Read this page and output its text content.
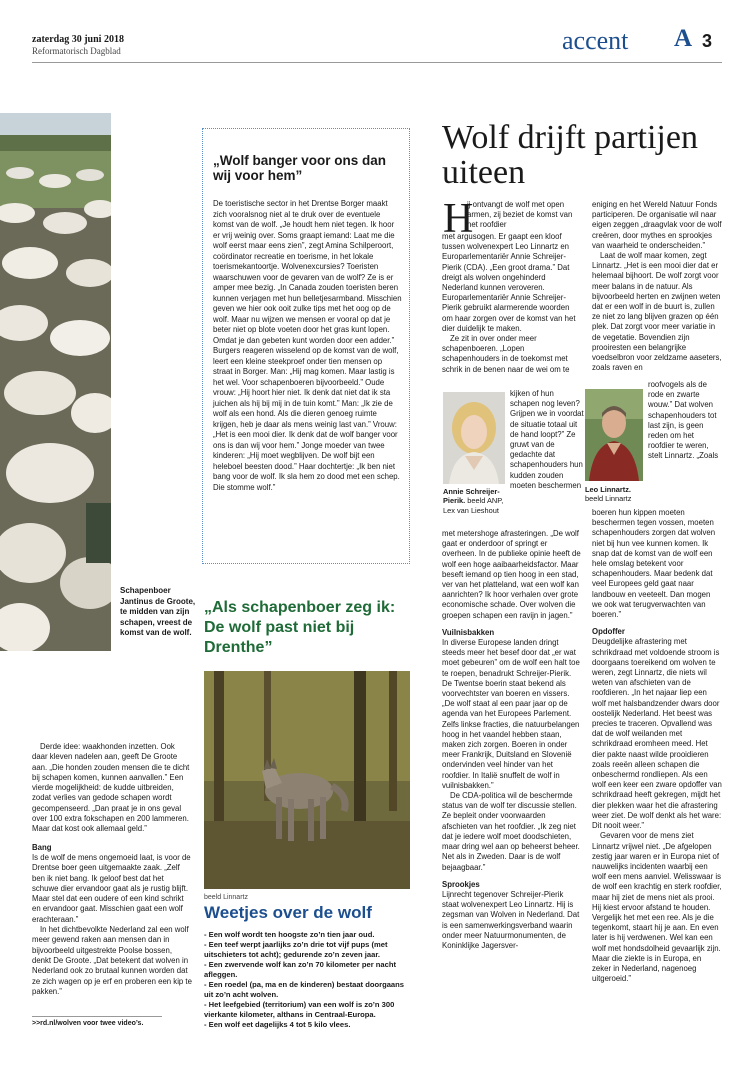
zaterdag 30 juni 2018
Reformatorisch Dagblad	accent A 3
Schapenboer Jantinus de Groote, te midden van zijn schapen, vreest de komst van de wolf.
„Wolf banger voor ons dan wij voor hem”
De toeristische sector in het Drentse Borger maakt zich vooralsnog niet al te druk over de eventuele komst van de wolf. „Je houdt hem niet tegen. Ik hoor er vrij weinig over. Soms graapt iemand: Laat me die wolf eerst maar eens zien”, zegt Amina Schilperoort, coördinator recreatie en toerisme, in het lokale toerismekantoortje. Wolvenexcursies? Toeristen waarschuwen voor de gevaren van de wolf? Ze is er amper mee bezig. „In Canada zouden toeristen beren kunnen verjagen met hun belletjesarmband. Misschien geven we hier ook ooit zulke tips met het oog op de wolf. Maar nu wijzen we mensen er vooral op dat je beter niet op blote voeten door het gras kunt lopen. Omdat je dan gebeten kunt worden door een adder.” Burgers reageren wisselend op de komst van de wolf, leert een kleine steekproef onder tien mensen op straat in Borger. Man: „Hij mag komen. Maar lastig is het wel. Voor schapenboeren bijvoorbeeld.” Oude vrouw: „Hij hoort hier niet. Ik denk dat niet dat ik sta juichen als hij bij mij in de tuin komt.” Man: „Ik zie de wolf als een hond. Als die dieren genoeg ruimte krijgen, heb je daar als mens weinig last van.” Vrouw: „Het is een mooi dier. Ik denk dat de wolf banger voor ons is dan wij voor hem.” Jonge moeder van twee kinderen: „Hij moet wegblijven. De wolf bijt een heleboel beesten dood.” Haar dochtertje: „Ik ben niet bang voor de wolf. Ik sla hem zo dood met een schep. Die stomme wolf.”
„Als schapenboer zeg ik: De wolf past niet bij Drenthe”
beeld Linnartz
Weetjes over de wolf
- Een wolf wordt ten hoogste zo’n tien jaar oud.
- Een teef werpt jaarlijks zo’n drie tot vijf pups (met uitschieters tot acht); gedurende zo’n zeven jaar.
- Een zwervende wolf kan zo’n 70 kilometer per nacht afleggen.
- Een roedel (pa, ma en de kinderen) bestaat doorgaans uit zo’n acht wolven.
- Het leefgebied (territorium) van een wolf is zo’n 300 vierkante kilometer, althans in Centraal-Europa.
- Een wolf eet dagelijks 4 tot 5 kilo vlees.

Derde idee: waakhonden inzetten. Ook daar kleven nadelen aan, geeft De Groote aan. „Die honden zouden mensen die te dicht bij schapen komen, kunnen aanvallen.” Een vierde mogelijkheid: de kudde uitbreiden, zodat verlies van gedode schapen wordt gecompenseerd. „Dan praat je in ons geval over 100 extra fokschapen en 200 lammeren. Maar dat kost ook allemaal geld.”

Bang

Is de wolf de mens ongemoeid laat, is voor de Drentse boer geen uitgemaakte zaak. „Zelf ben ik niet bang. Ik geloof best dat het schuwe dier ervandoor gaat als je rustig blijft. Maar stel dat een oudere of een kind schrikt en ervandoor gaat. Misschien gaat een wolf erachteraan.”

In het dichtbevolkte Nederland zal een wolf meer gewend raken aan mensen dan in bijvoorbeeld uitgestrekte Poolse bossen, denkt De Groote. „Dat betekent dat wolven in Nederland ook zo brutaal kunnen worden dat ze zich wagen op je erf en proberen een kip te pakken.”

>>rd.nl/wolven voor twee video’s.
Wolf drijft partijen uiteen
H

ij ontvangt de wolf met open armen, zij beziet de komst van het roofdier

met argusogen. Er gaapt een kloof tussen wolvenexpert Leo Linnartz en Europarlementariër Annie Schreijer-Pierik (CDA). „Een groot drama.” Dat dreigt als wolven ongehinderd Nederland kunnen veroveren. Europarlementariër Annie Schreijer-Pierik gebruikt alarmerende woorden om haar zorgen over de komst van het dier duidelijk te maken.

Ze zit in over onder meer schapenboeren. „Lopen schapenhouders in de toekomst met schrik in de benen naar de wei om te

Annie Schreijer-Pierik. beeld ANP, Lex van Lieshout

kijken of hun schapen nog leven? Grijpen we in voordat de situatie totaal uit de hand loopt?” Ze gruwt van de gedachte dat schapenhouders hun kudden zouden moeten beschermen

met metershoge afrasteringen. „De wolf gaat er onderdoor of springt er overheen. In de publieke opinie heeft de wolf een hoge aaibaarheidsfactor. Maar beseft iemand op tien hoog in een stad, ver van het platteland, wat een wolf kan aanrichten? Ik hoor verhalen over grote economische schade. Over wolven die groepen schapen een ravijn in jagen.”

Vuilnisbakken

In diverse Europese landen dringt steeds meer het besef door dat „er wat moet gebeuren” om de wolf een halt toe te roepen, benadrukt Schreijer-Pierik. De Twentse boerin staat bekend als voorvechtster van boeren en vissers. „De wolf staat al een paar jaar op de agenda van het Europees Parlement. Zelfs linkse fracties, die natuurbelangen hoog in het vaandel hebben staan, maken zich zorgen. Boeren in onder meer Frankrijk, Duitsland en Slovenië ondervinden veel hinder van het roofdier. In Italië snuffelt de wolf in vuilnisbakken.”

De CDA-politica wil de beschermde status van de wolf ter discussie stellen. Ze bepleit onder voorwaarden afschieten van het roofdier. „Ik zeg niet dat je iedere wolf moet doodschieten, maar dring wel aan op beheerst beheer. Net als in Zweden. Daar is de wolf bejaagbaar.”

Sprookjes

Lijnrecht tegenover Schreijer-Pierik staat wolvenexpert Leo Linnartz. Hij is zegsman van Wolven in Nederland. Dat is een samenwerkingsverband waarin onder meer Natuurmonumenten, de Koninklijke Jagersver-

eniging en het Wereld Natuur Fonds participeren. De organisatie wil naar eigen zeggen „draagvlak voor de wolf creëren, door mythes en sprookjes van waarheid te onderscheiden.”

Laat de wolf maar komen, zegt Linnartz. „Het is een mooi dier dat er helemaal bijhoort. De wolf zorgt voor meer balans in de natuur. Als bijvoorbeeld herten en zwijnen weten dat er een wolf in de buurt is, zullen ze niet zo lang blijven grazen op één plek. Dat zorgt voor meer variatie in de vegetatie. Bovendien zijn prooiresten een belangrijke voedselbron voor zeldzame aaseters, zoals raven en

Leo Linnartz.
beeld Linnartz

roofvogels als de rode en zwarte wouw.” Dat wolven schapenhouders tot last zijn, is geen reden om het roofdier te weren, stelt Linnartz. „Zoals

boeren hun kippen moeten beschermen tegen vossen, moeten schapenhouders zorgen dat wolven niet bij hun vee kunnen komen. Ik snap dat de komst van de wolf een hele omslag betekent voor schapenhouders. Maar bedenk dat veel Europees geld gaat naar landbouw en veeteelt. Dan mogen we ook wat terugverwachten van boeren.”

Opdoffer

Deugdelijke afrastering met schrikdraad met voldoende stroom is doorgaans toereikend om wolven te weren, zegt Linnartz, die niets wil weten van afschieten van de roofdieren. „In het najaar liep een wolf met halsbandzender dwars door oostelijk Nederland. Het beest was precies te traceren. Opvallend was dat de wolf weilanden met schrikdraad eromheen meed. Het dier pakte naast wilde prooidieren zoals reeën alleen schapen die onbeschermd rondliepen. Als een wolf een keer een zware opdoffer van schrikdraad heeft gekregen, mijdt het dier plekken waar het die afrastering weer ziet. De wolf denkt als het ware: Dit nooit weer.”

Gevaren voor de mens ziet Linnartz vrijwel niet. „De afgelopen zestig jaar waren er in Europa niet of nauwelijks incidenten waarbij een wolf een mens aanviel. Welisswaar is de wolf een krachtig en sterk roofdier, maar hij ziet de mens niet als prooi. Hij kiest ervoor afstand te houden. Vergelijk het met een ree. Als je die tegenkomt, staart hij je aan. En even later is hij verdwenen. Wel kan een wolf met hondsdolheid gevaarlijk zijn. Maar die ziekte is in Europa, en zeker in Nederland, nagenoeg uitgeroeid.”
